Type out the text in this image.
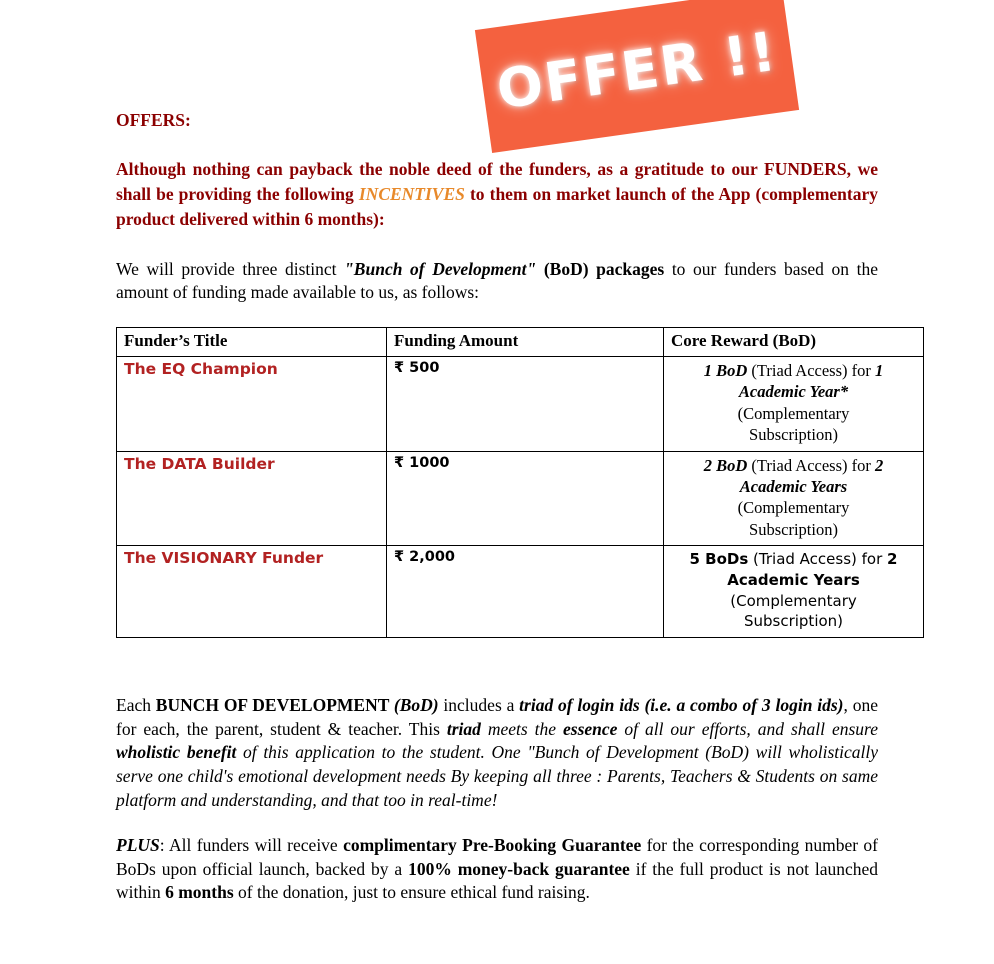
OFFER !!
OFFERS:
Although nothing can payback the noble deed of the funders, as a gratitude to our FUNDERS, we shall be providing the following INCENTIVES to them on market launch of the App (complementary product delivered within 6 months):
We will provide three distinct "Bunch of Development" (BoD) packages to our funders based on the amount of funding made available to us, as follows:
Funder’s Title	Funding Amount	Core Reward (BoD)
The EQ Champion	₹ 500	1 BoD (Triad Access) for 1 Academic Year*
(Complementary
Subscription)
The DATA Builder	₹ 1000	2 BoD (Triad Access) for 2 Academic Years
(Complementary
Subscription)
The VISIONARY Funder	₹ 2,000	5 BoDs (Triad Access) for 2 Academic Years
(Complementary
Subscription)
Each BUNCH OF DEVELOPMENT (BoD) includes a triad of login ids (i.e. a combo of 3 login ids), one for each, the parent, student & teacher. This triad meets the essence of all our efforts, and shall ensure wholistic benefit of this application to the student. One "Bunch of Development (BoD) will wholistically serve one child's emotional development needs By keeping all three : Parents, Teachers & Students on same platform and understanding, and that too in real-time!
PLUS: All funders will receive complimentary Pre-Booking Guarantee for the corresponding number of BoDs upon official launch, backed by a 100% money-back guarantee if the full product is not launched within 6 months of the donation, just to ensure ethical fund raising.
